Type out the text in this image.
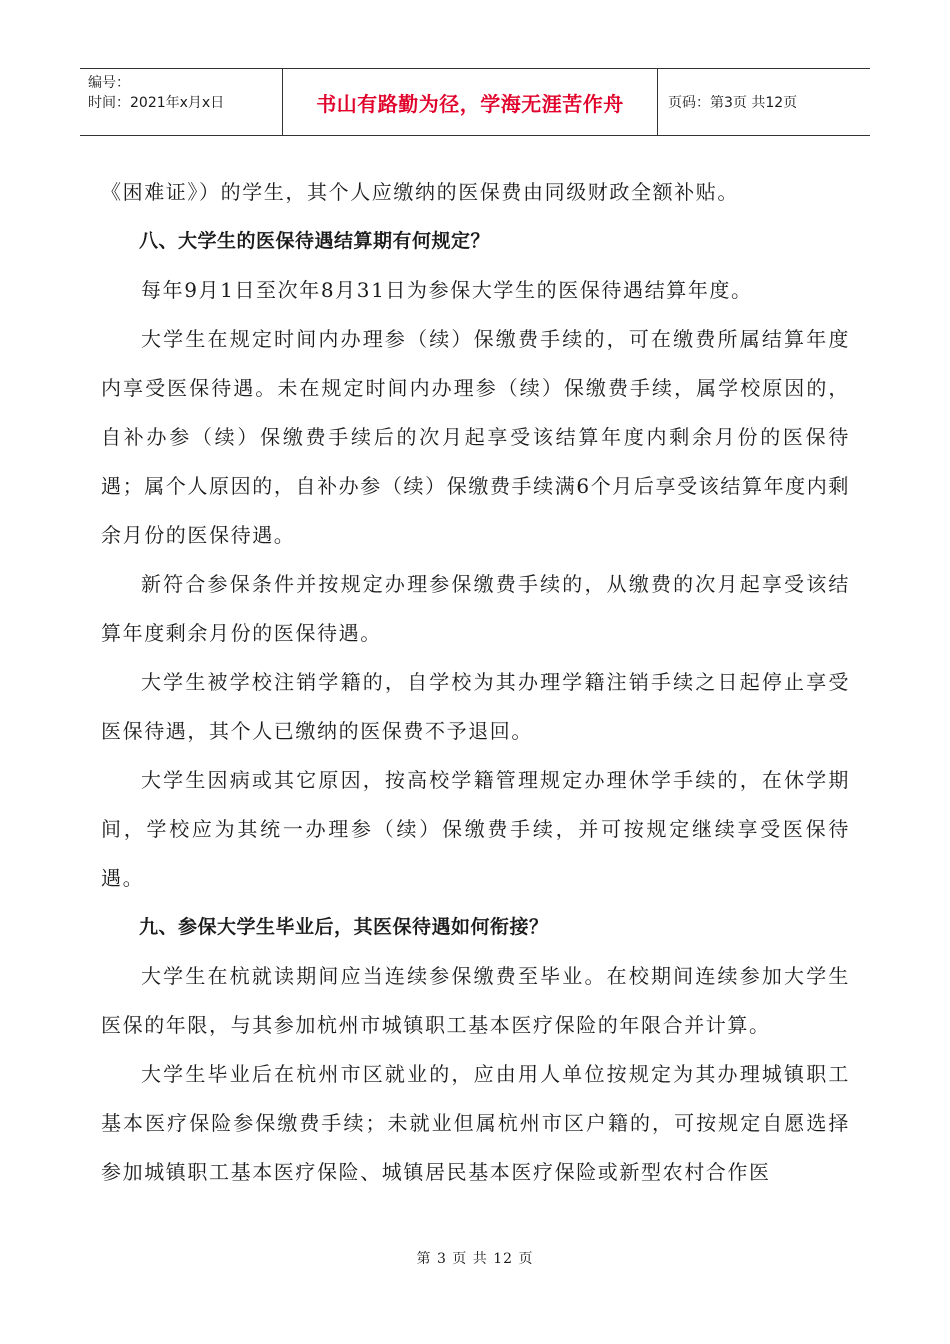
编号：
时间：2021年x月x日	书山有路勤为径，学海无涯苦作舟	页码：第3页 共12页

《困难证》）的学生，其个人应缴纳的医保费由同级财政全额补贴。

八、大学生的医保待遇结算期有何规定？

每年9月1日至次年8月31日为参保大学生的医保待遇结算年度。

大学生在规定时间内办理参（续）保缴费手续的，可在缴费所属结算年度内享受医保待遇。未在规定时间内办理参（续）保缴费手续，属学校原因的，自补办参（续）保缴费手续后的次月起享受该结算年度内剩余月份的医保待遇；属个人原因的，自补办参（续）保缴费手续满6个月后享受该结算年度内剩余月份的医保待遇。

新符合参保条件并按规定办理参保缴费手续的，从缴费的次月起享受该结算年度剩余月份的医保待遇。

大学生被学校注销学籍的，自学校为其办理学籍注销手续之日起停止享受医保待遇，其个人已缴纳的医保费不予退回。

大学生因病或其它原因，按高校学籍管理规定办理休学手续的，在休学期间，学校应为其统一办理参（续）保缴费手续，并可按规定继续享受医保待遇。

九、参保大学生毕业后，其医保待遇如何衔接？

大学生在杭就读期间应当连续参保缴费至毕业。在校期间连续参加大学生医保的年限，与其参加杭州市城镇职工基本医疗保险的年限合并计算。

大学生毕业后在杭州市区就业的，应由用人单位按规定为其办理城镇职工基本医疗保险参保缴费手续；未就业但属杭州市区户籍的，可按规定自愿选择参加城镇职工基本医疗保险、城镇居民基本医疗保险或新型农村合作医

第 3 页 共 12 页
